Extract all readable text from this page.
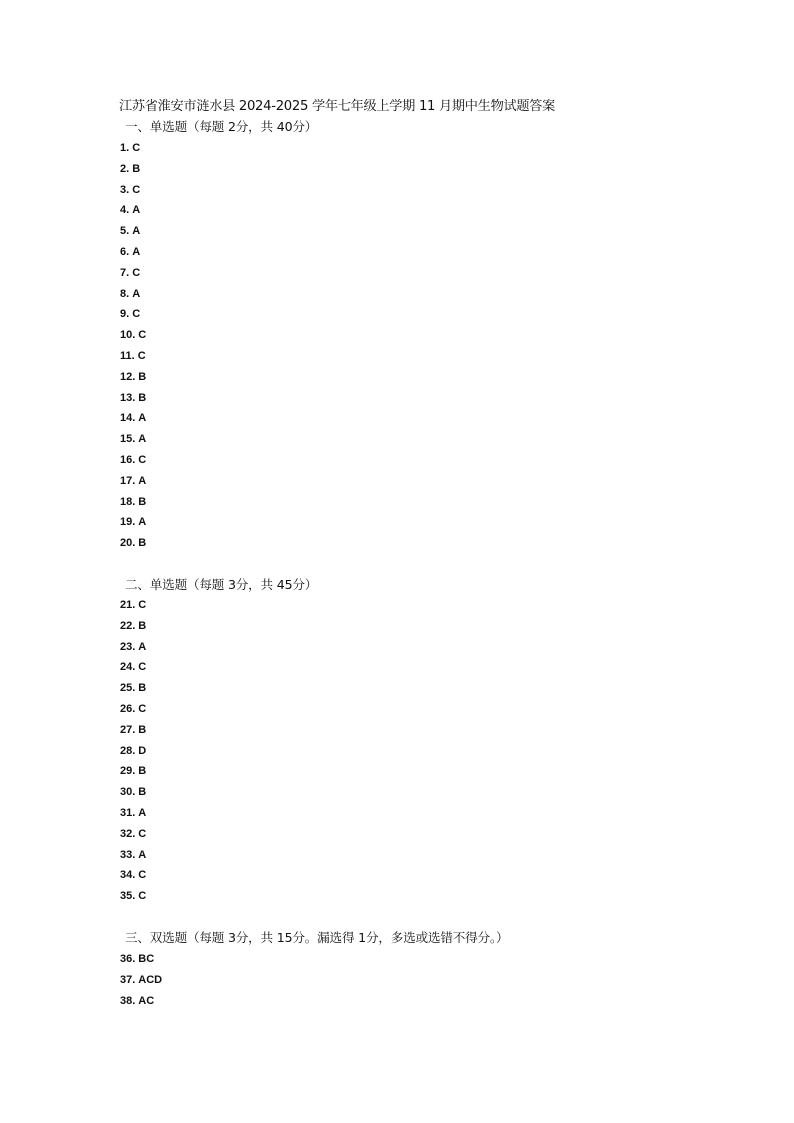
江苏省淮安市涟水县 2024-2025 学年七年级上学期 11 月期中生物试题答案
一、单选题（每题 2分，共 40分）
1. C
2. B
3. C
4. A
5. A
6. A
7. C
8. A
9. C
10. C
11. C
12. B
13. B
14. A
15. A
16. C
17. A
18. B
19. A
20. B
二、单选题（每题 3分，共 45分）
21. C
22. B
23. A
24. C
25. B
26. C
27. B
28. D
29. B
30. B
31. A
32. C
33. A
34. C
35. C
三、双选题（每题 3分，共 15分。漏选得 1分，多选或选错不得分。）
36. BC
37. ACD
38. AC
